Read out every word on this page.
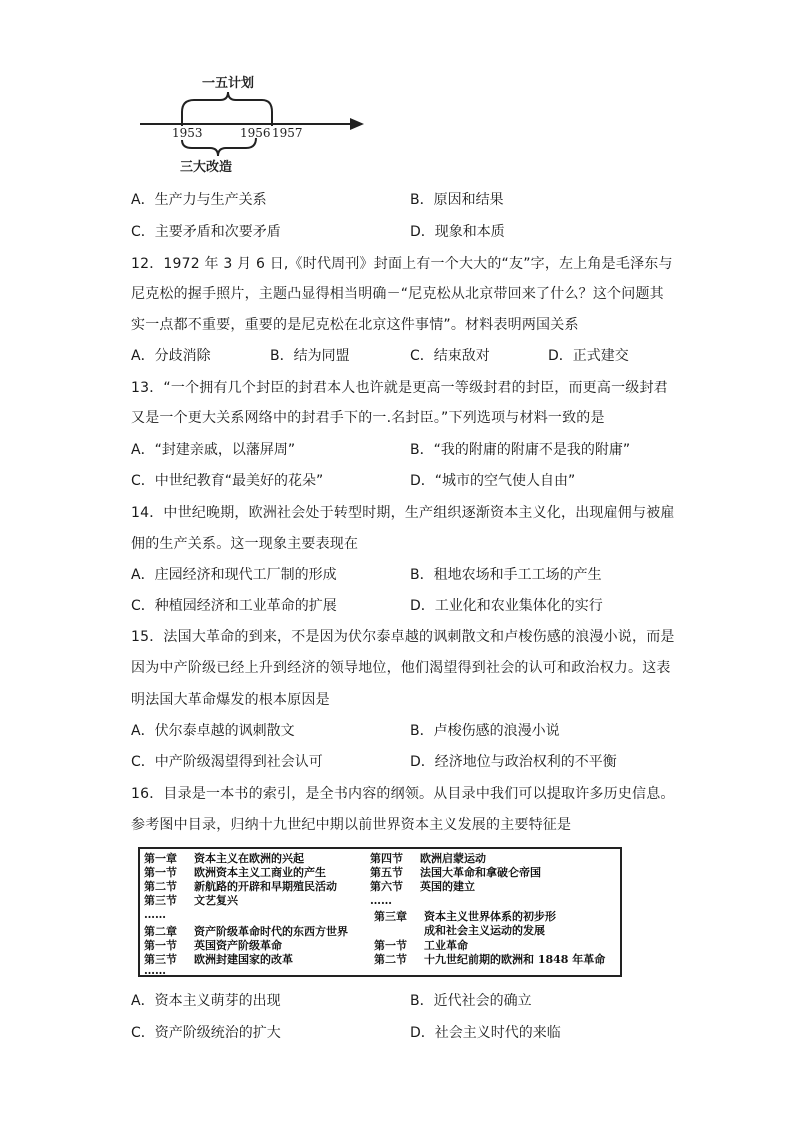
一五计划
1953	1956 1957
三大改造
A．生产力与生产关系	B．原因和结果
C．主要矛盾和次要矛盾	D．现象和本质
12．1972 年 3 月 6 日,《时代周刊》封面上有一个大大的“友”字，左上角是毛泽东与
尼克松的握手照片，主题凸显得相当明确－“尼克松从北京带回来了什么？这个问题其
实一点都不重要，重要的是尼克松在北京这件事情”。材料表明两国关系
A．分歧消除	B．结为同盟	C．结束敌对	D．正式建交
13．“一个拥有几个封臣的封君本人也许就是更高一等级封君的封臣，而更高一级封君
又是一个更大关系网络中的封君手下的一.名封臣。”下列选项与材料一致的是
A．“封建亲戚，以藩屏周”	B．“我的附庸的附庸不是我的附庸”
C．中世纪教育“最美好的花朵”	D．“城市的空气使人自由”
14．中世纪晚期，欧洲社会处于转型时期，生产组织逐渐资本主义化，出现雇佣与被雇
佣的生产关系。这一现象主要表现在
A．庄园经济和现代工厂制的形成	B．租地农场和手工工场的产生
C．种植园经济和工业革命的扩展	D．工业化和农业集体化的实行
15．法国大革命的到来，不是因为伏尔泰卓越的讽刺散文和卢梭伤感的浪漫小说，而是
因为中产阶级已经上升到经济的领导地位，他们渴望得到社会的认可和政治权力。这表
明法国大革命爆发的根本原因是
A．伏尔泰卓越的讽刺散文	B．卢梭伤感的浪漫小说
C．中产阶级渴望得到社会认可	D．经济地位与政治权利的不平衡
16．目录是一本书的索引，是全书内容的纲领。从目录中我们可以提取许多历史信息。
参考图中目录，归纳十九世纪中期以前世界资本主义发展的主要特征是
第一章 资本主义在欧洲的兴起
第一节 欧洲资本主义工商业的产生
第二节 新航路的开辟和早期殖民活动
第三节 文艺复兴
……
第二章 资产阶级革命时代的东西方世界
第一节 英国资产阶级革命
第三节 欧洲封建国家的改革
……
第四节 欧洲启蒙运动
第五节 法国大革命和拿破仑帝国
第六节 英国的建立
……
第三章 资本主义世界体系的初步形
成和社会主义运动的发展
第一节 工业革命
第二节 十九世纪前期的欧洲和 1848 年革命
A．资本主义萌芽的出现	B．近代社会的确立
C．资产阶级统治的扩大	D．社会主义时代的来临
